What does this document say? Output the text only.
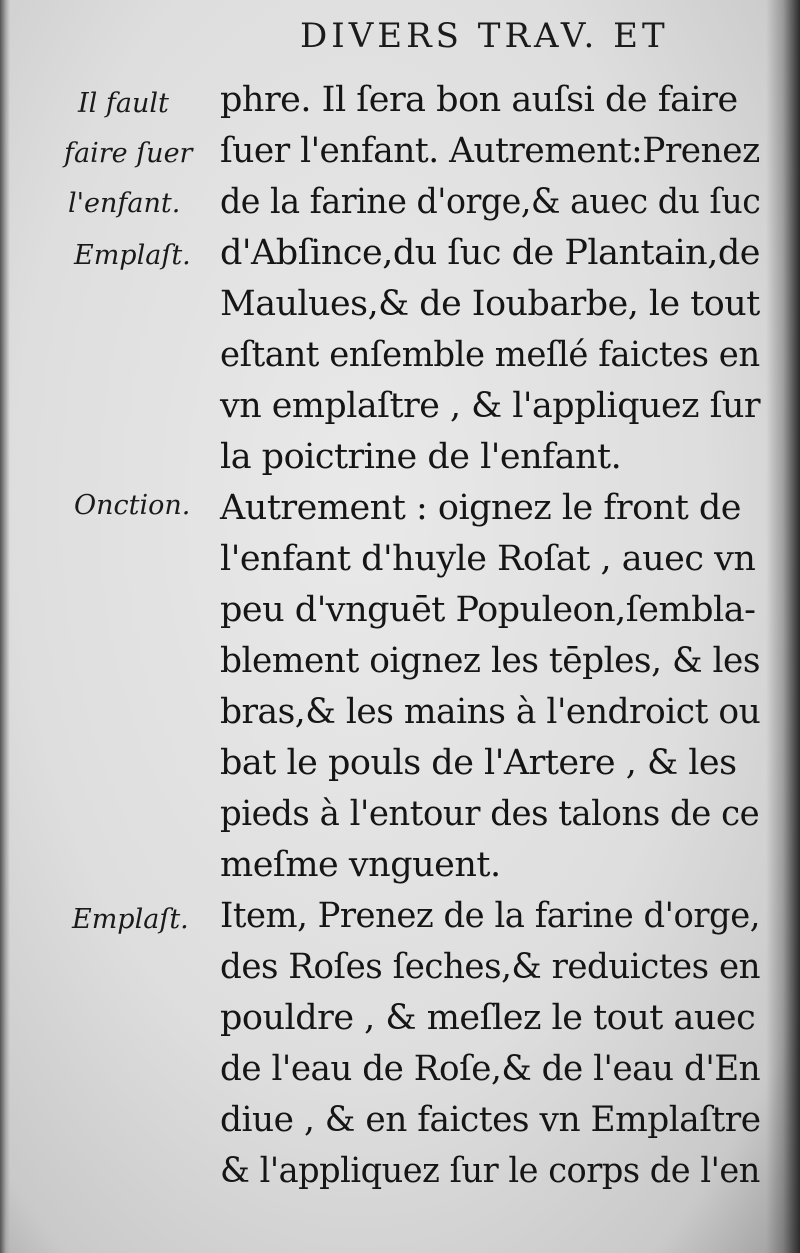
DIVERS TRAV. ET
Il fault
faire ſuer
l'enfant.
Emplaſt.
Onction.
Emplaſt.
phre. Il ſera bon auſsi de faire
ſuer l'enfant. Autrement:Prenez
de la farine d'orge,& auec du ſuc
d'Abſince,du ſuc de Plantain,de
Maulues,& de Ioubarbe, le tout
eſtant enſemble meſlé faictes en
vn emplaſtre , & l'appliquez ſur
la poictrine de l'enfant.
Autrement : oignez le front de
l'enfant d'huyle Roſat , auec vn
peu d'vnguēt Populeon,ſembla-
blement oignez les tēples, & les
bras,& les mains à l'endroict ou
bat le pouls de l'Artere , & les
pieds à l'entour des talons de ce
meſme vnguent.
Item, Prenez de la farine d'orge,
des Roſes ſeches,& reduictes en
pouldre , & meſlez le tout auec
de l'eau de Roſe,& de l'eau d'En
diue , & en faictes vn Emplaſtre
& l'appliquez ſur le corps de l'en
